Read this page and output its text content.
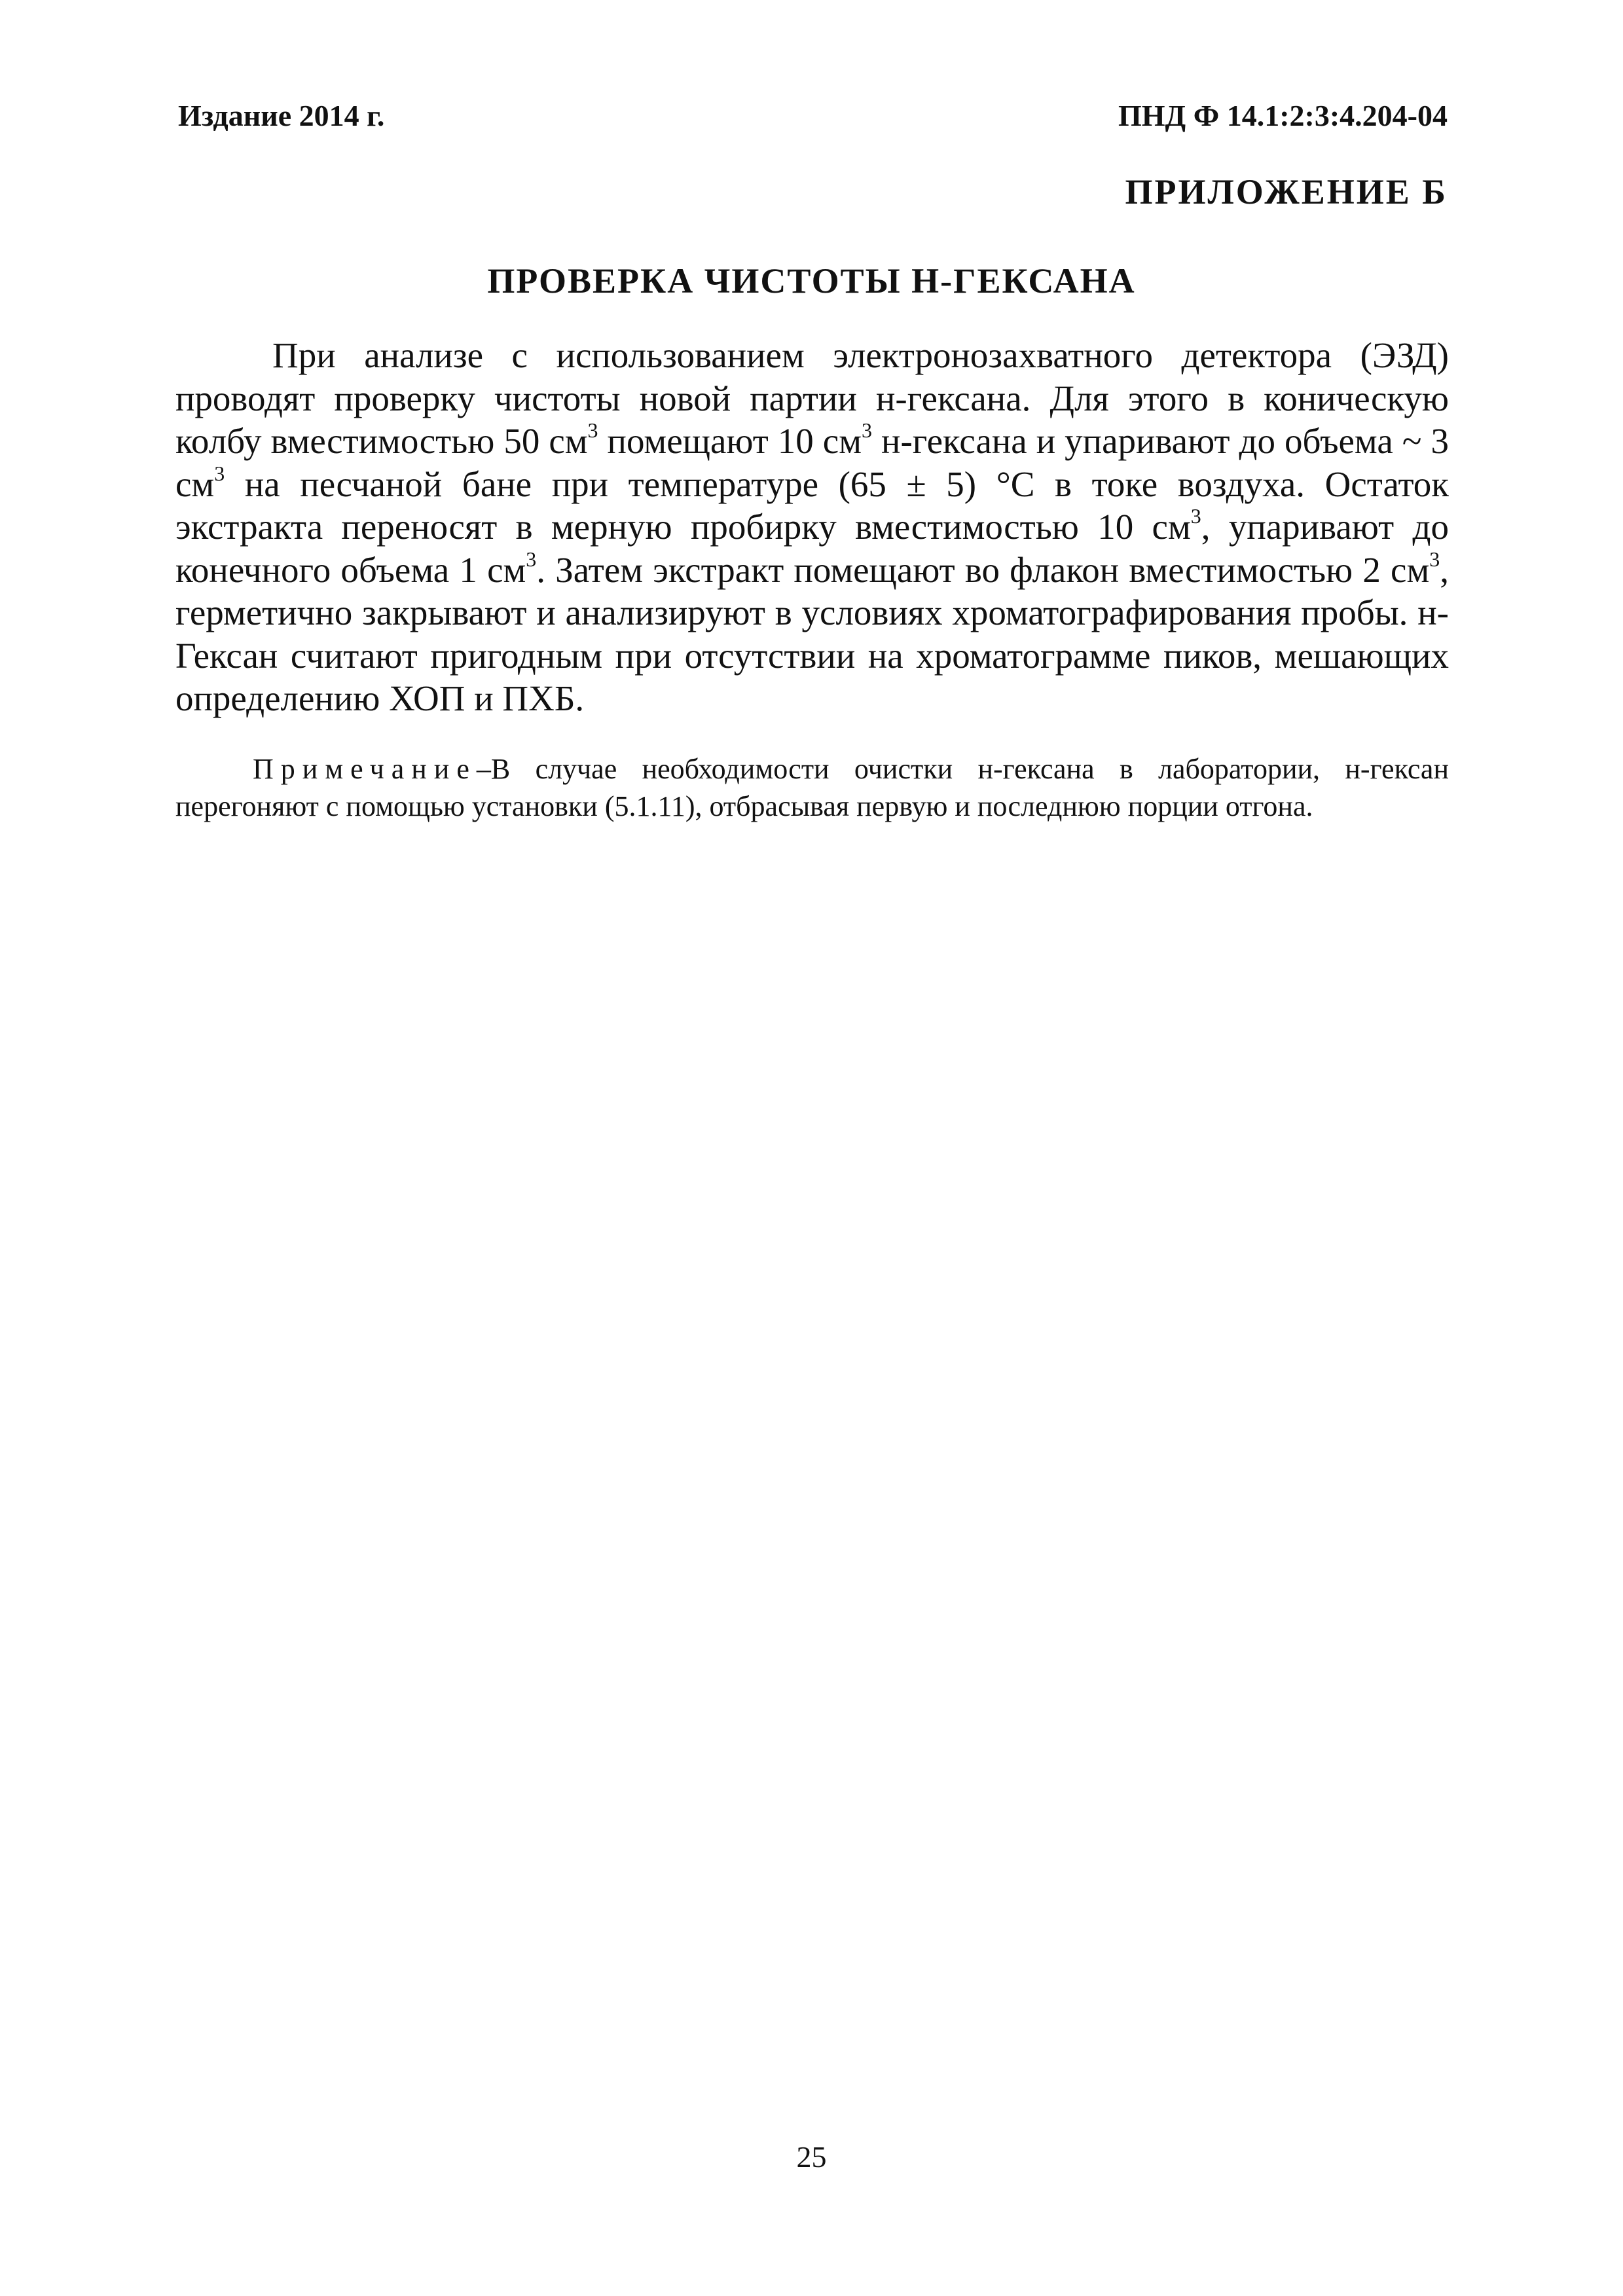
Издание 2014 г.	ПНД Ф 14.1:2:3:4.204-04
ПРИЛОЖЕНИЕ Б
ПРОВЕРКА ЧИСТОТЫ Н-ГЕКСАНА

При анализе с использованием электронозахватного детектора (ЭЗД) проводят проверку чистоты новой партии н-гексана. Для этого в коническую колбу вместимостью 50 $см^3$ помещают 10 $см^3$ н-гексана и упаривают до объема ~ 3 $см^3$ на песчаной бане при температуре (65 ± 5) °С в токе воздуха. Остаток экстракта переносят в мерную пробирку вместимостью 10 $см^3$, упаривают до конечного объема 1 $см^3$. Затем экстракт помещают во флакон вместимостью 2 $см^3$, герметично закрывают и анализируют в условиях хроматографирования пробы. н-Гексан считают пригодным при отсутствии на хроматограмме пиков, мешающих определению ХОП и ПХБ.

Примечание–В случае необходимости очистки н-гексана в лаборатории, н-гексан перегоняют с помощью установки (5.1.11), отбрасывая первую и последнюю порции отгона.

25
